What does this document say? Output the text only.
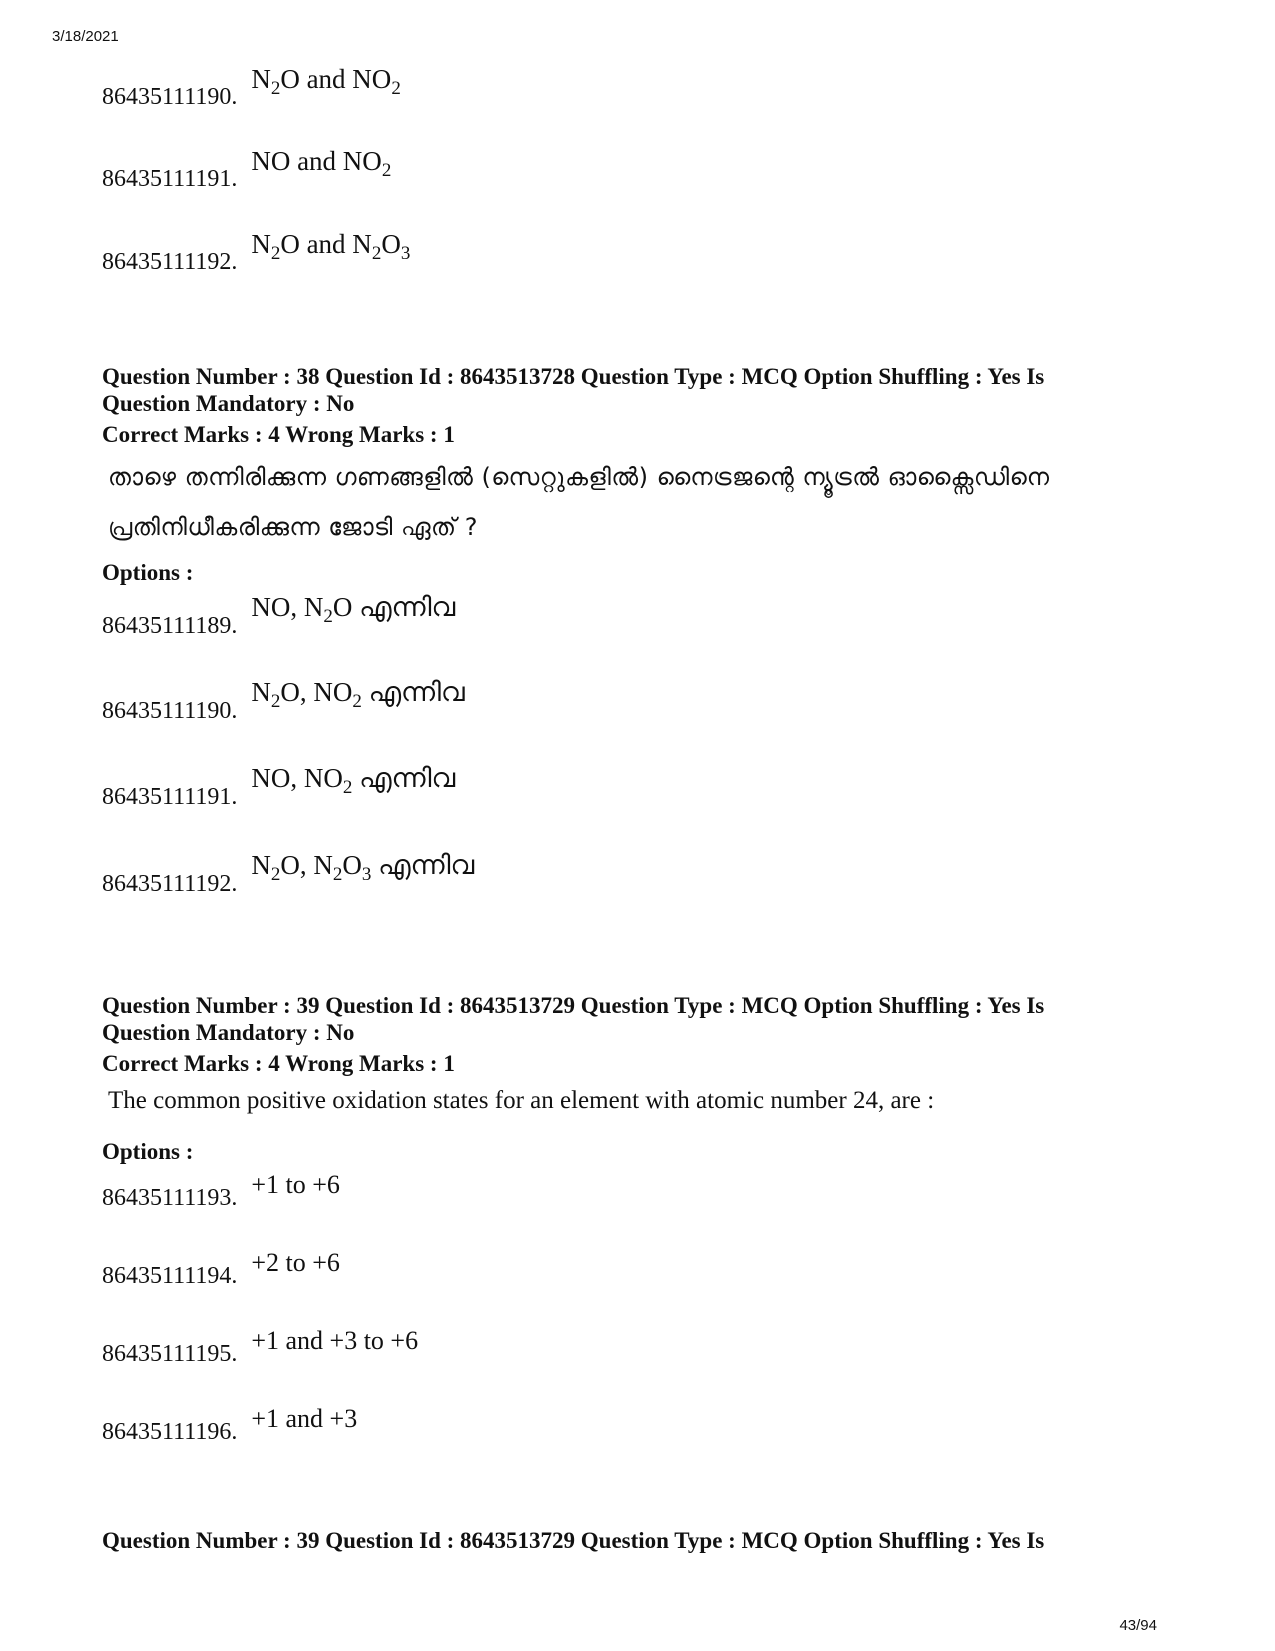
3/18/2021
86435111190.
$N_2O$ and $NO_2$
86435111191.
NO and $NO_2$
86435111192.
$N_2O$ and $N_2O_3$
Question Number : 38 Question Id : 8643513728 Question Type : MCQ Option Shuffling : Yes Is
Question Mandatory : No
Correct Marks : 4 Wrong Marks : 1
താഴെ തന്നിരിക്കുന്ന ഗണങ്ങളിൽ (സെറ്റുകളിൽ) നൈട്രജന്റെ ന്യൂട്രൽ ഓക്സൈഡിനെ
പ്രതിനിധീകരിക്കുന്ന ജോടി ഏത് ?
Options :
86435111189.
NO, $N_2O$ എന്നിവ
86435111190.
$N_2O$, $NO_2$ എന്നിവ
86435111191.
NO, $NO_2$ എന്നിവ
86435111192.
$N_2O$, $N_2O_3$ എന്നിവ
Question Number : 39 Question Id : 8643513729 Question Type : MCQ Option Shuffling : Yes Is
Question Mandatory : No
Correct Marks : 4 Wrong Marks : 1
The common positive oxidation states for an element with atomic number 24, are :
Options :
86435111193. +1 to +6
86435111194. +2 to +6
86435111195. +1 and +3 to +6
86435111196. +1 and +3
Question Number : 39 Question Id : 8643513729 Question Type : MCQ Option Shuffling : Yes Is
43/94
